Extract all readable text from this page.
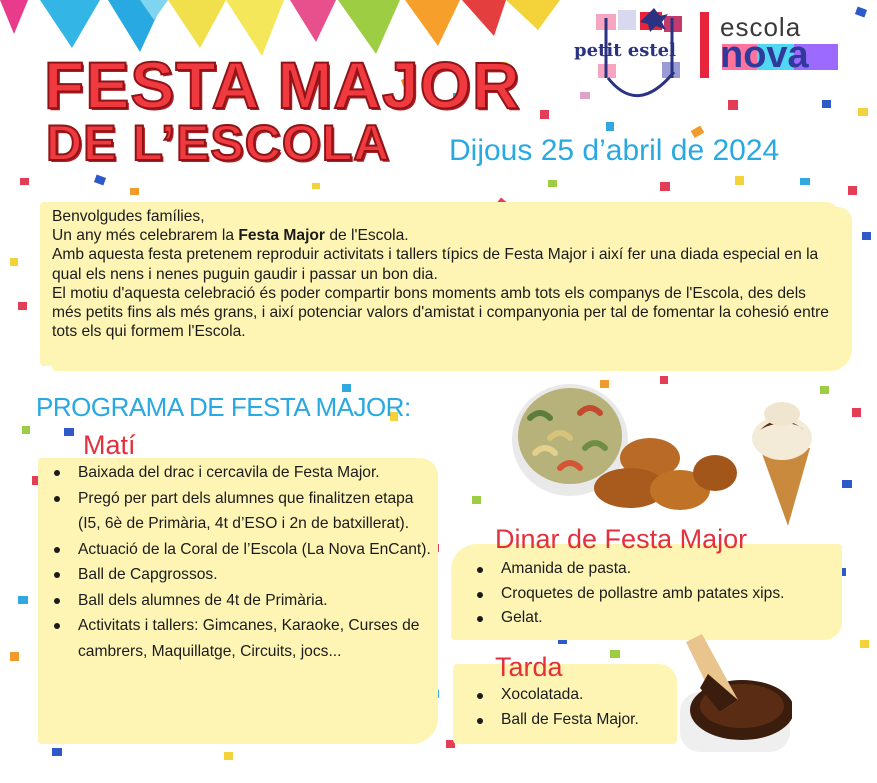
FESTA MAJOR
DE L’ESCOLA Dijous 25 d’abril de 2024
petit estel
escola
nova

Benvolgudes famílies,

Un any més celebrarem la Festa Major de l'Escola.

Amb aquesta festa pretenem reproduir activitats i tallers típics de Festa Major i així fer una diada especial en la qual els nens i nenes puguin gaudir i passar un bon dia.

El motiu d'aquesta celebració és poder compartir bons moments amb tots els companys de l'Escola, des dels més petits fins als més grans, i així potenciar valors d'amistat i companyonia per tal de fomentar la cohesió entre tots els qui formem l'Escola.

PROGRAMA DE FESTA MAJOR:
Matí
Baixada del drac i cercavila de Festa Major.
Pregó per part dels alumnes que finalitzen etapa (I5, 6è de Primària, 4t d’ESO i 2n de batxillerat).
Actuació de la Coral de l’Escola (La Nova EnCant).
Ball de Capgrossos.
Ball dels alumnes de 4t de Primària.
Activitats i tallers: Gimcanes, Karaoke, Curses de cambrers, Maquillatge, Circuits, jocs...
Dinar de Festa Major
Amanida de pasta.
Croquetes de pollastre amb patates xips.
Gelat.
Tarda
Xocolatada.
Ball de Festa Major.
